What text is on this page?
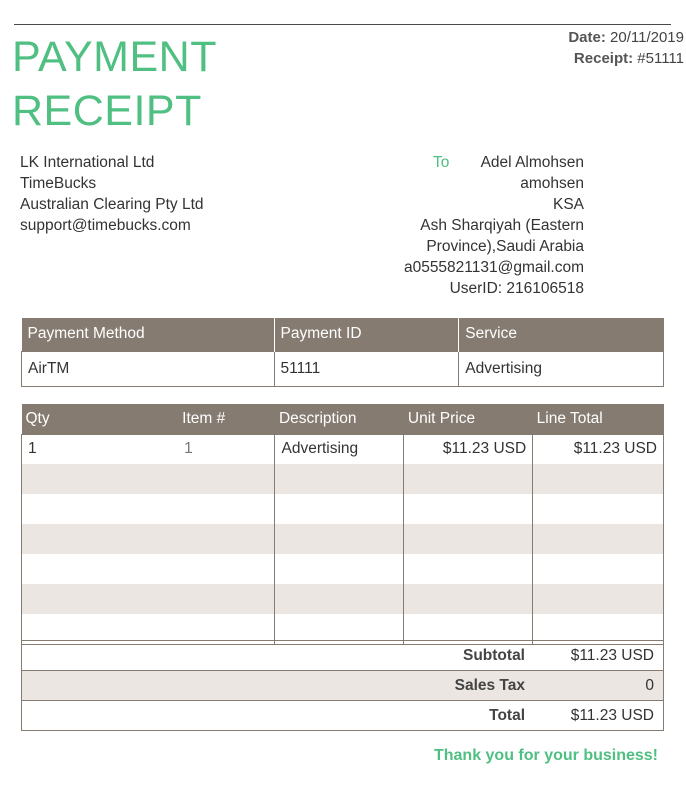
PAYMENT
RECEIPT
Date: 20/11/2019
Receipt: #51111
LK International Ltd
TimeBucks
Australian Clearing Pty Ltd
support@timebucks.com
To	Adel Almohsen
amohsen
KSA
Ash Sharqiyah (Eastern
Province),Saudi Arabia
a0555821131@gmail.com
UserID: 216106518
Payment Method	Payment ID	Service
AirTM	51111	Advertising
Qty	Item #	Description	Unit Price	Line Total
1	1	Advertising	$11.23 USD	$11.23 USD

Subtotal	$11.23 USD
Sales Tax	0
Total	$11.23 USD
Thank you for your business!
